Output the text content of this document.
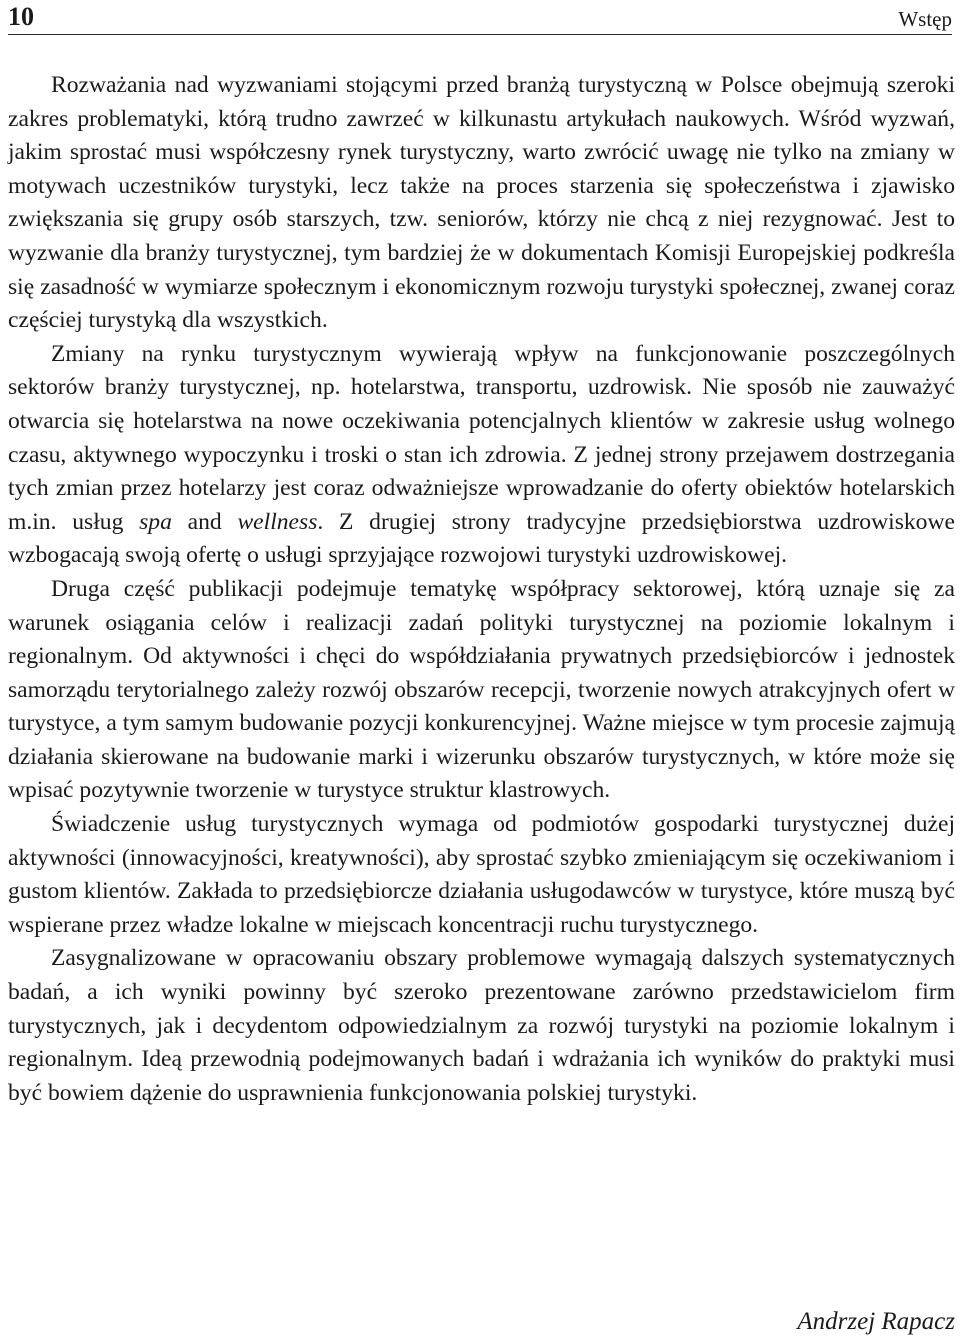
10	Wstęp

Rozważania nad wyzwaniami stojącymi przed branżą turystyczną w Polsce obejmują szeroki zakres problematyki, którą trudno zawrzeć w kilkunastu artykułach naukowych. Wśród wyzwań, jakim sprostać musi współczesny rynek turystyczny, warto zwrócić uwagę nie tylko na zmiany w motywach uczestników turystyki, lecz także na proces starzenia się społeczeństwa i zjawisko zwiększania się grupy osób starszych, tzw. seniorów, którzy nie chcą z niej rezygnować. Jest to wyzwanie dla branży turystycznej, tym bardziej że w dokumentach Komisji Europejskiej podkreśla się zasadność w wymiarze społecznym i ekonomicznym rozwoju turystyki społecznej, zwanej coraz częściej turystyką dla wszystkich.

Zmiany na rynku turystycznym wywierają wpływ na funkcjonowanie poszczególnych sektorów branży turystycznej, np. hotelarstwa, transportu, uzdrowisk. Nie sposób nie zauważyć otwarcia się hotelarstwa na nowe oczekiwania potencjalnych klientów w zakresie usług wolnego czasu, aktywnego wypoczynku i troski o stan ich zdrowia. Z jednej strony przejawem dostrzegania tych zmian przez hotelarzy jest coraz odważniejsze wprowadzanie do oferty obiektów hotelarskich m.in. usług spa and wellness. Z drugiej strony tradycyjne przedsiębiorstwa uzdrowiskowe wzbogacają swoją ofertę o usługi sprzyjające rozwojowi turystyki uzdrowiskowej.

Druga część publikacji podejmuje tematykę współpracy sektorowej, którą uznaje się za warunek osiągania celów i realizacji zadań polityki turystycznej na poziomie lokalnym i regionalnym. Od aktywności i chęci do współdziałania prywatnych przedsiębiorców i jednostek samorządu terytorialnego zależy rozwój obszarów recepcji, tworzenie nowych atrakcyjnych ofert w turystyce, a tym samym budowanie pozycji konkurencyjnej. Ważne miejsce w tym procesie zajmują działania skierowane na budowanie marki i wizerunku obszarów turystycznych, w które może się wpisać pozytywnie tworzenie w turystyce struktur klastrowych.

Świadczenie usług turystycznych wymaga od podmiotów gospodarki turystycznej dużej aktywności (innowacyjności, kreatywności), aby sprostać szybko zmieniającym się oczekiwaniom i gustom klientów. Zakłada to przedsiębiorcze działania usługodawców w turystyce, które muszą być wspierane przez władze lokalne w miejscach koncentracji ruchu turystycznego.

Zasygnalizowane w opracowaniu obszary problemowe wymagają dalszych systematycznych badań, a ich wyniki powinny być szeroko prezentowane zarówno przedstawicielom firm turystycznych, jak i decydentom odpowiedzialnym za rozwój turystyki na poziomie lokalnym i regionalnym. Ideą przewodnią podejmowanych badań i wdrażania ich wyników do praktyki musi być bowiem dążenie do usprawnienia funkcjonowania polskiej turystyki.

Andrzej Rapacz
